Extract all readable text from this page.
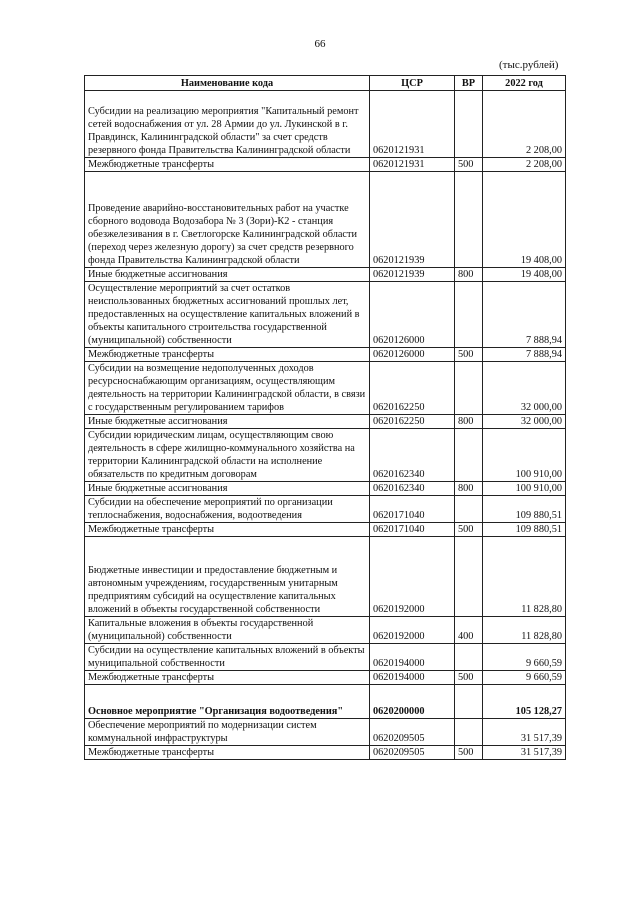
66
(тыс.рублей)
Наименование кода	ЦСР	ВР	2022 год
Субсидии на реализацию мероприятия "Капитальный ремонт сетей водоснабжения от ул. 28 Армии до ул. Лукинской в г. Правдинск, Калининградской области" за счет средств резервного фонда Правительства Калининградской области	0620121931		2 208,00
Межбюджетные трансферты	0620121931	500	2 208,00
Проведение аварийно-восстановительных работ на участке сборного водовода Водозабора № 3 (Зори)-К2 - станция обезжелезивания в г. Светлогорске Калининградской области (переход через железную дорогу) за счет средств резервного фонда Правительства Калининградской области	0620121939		19 408,00
Иные бюджетные ассигнования	0620121939	800	19 408,00
Осуществление мероприятий за счет остатков неиспользованных бюджетных ассигнований прошлых лет, предоставленных на осуществление капитальных вложений в объекты капитального строительства государственной (муниципальной) собственности	0620126000		7 888,94
Межбюджетные трансферты	0620126000	500	7 888,94
Субсидии на возмещение недополученных доходов ресурсноснабжающим организациям, осуществляющим деятельность на территории Калининградской области, в связи с государственным регулированием тарифов	0620162250		32 000,00
Иные бюджетные ассигнования	0620162250	800	32 000,00
Субсидии юридическим лицам, осуществляющим свою деятельность в сфере жилищно-коммунального хозяйства на территории Калининградской области на исполнение обязательств по кредитным договорам	0620162340		100 910,00
Иные бюджетные ассигнования	0620162340	800	100 910,00
Субсидии на обеспечение мероприятий по организации теплоснабжения, водоснабжения, водоотведения	0620171040		109 880,51
Межбюджетные трансферты	0620171040	500	109 880,51
Бюджетные инвестиции и предоставление бюджетным и автономным учреждениям, государственным унитарным предприятиям субсидий на осуществление капитальных вложений в объекты государственной собственности	0620192000		11 828,80
Капитальные вложения в объекты государственной (муниципальной) собственности	0620192000	400	11 828,80
Субсидии на осуществление капитальных вложений в объекты муниципальной собственности	0620194000		9 660,59
Межбюджетные трансферты	0620194000	500	9 660,59
Основное мероприятие "Организация водоотведения"	0620200000		105 128,27
Обеспечение мероприятий по модернизации систем коммунальной инфраструктуры	0620209505		31 517,39
Межбюджетные трансферты	0620209505	500	31 517,39
